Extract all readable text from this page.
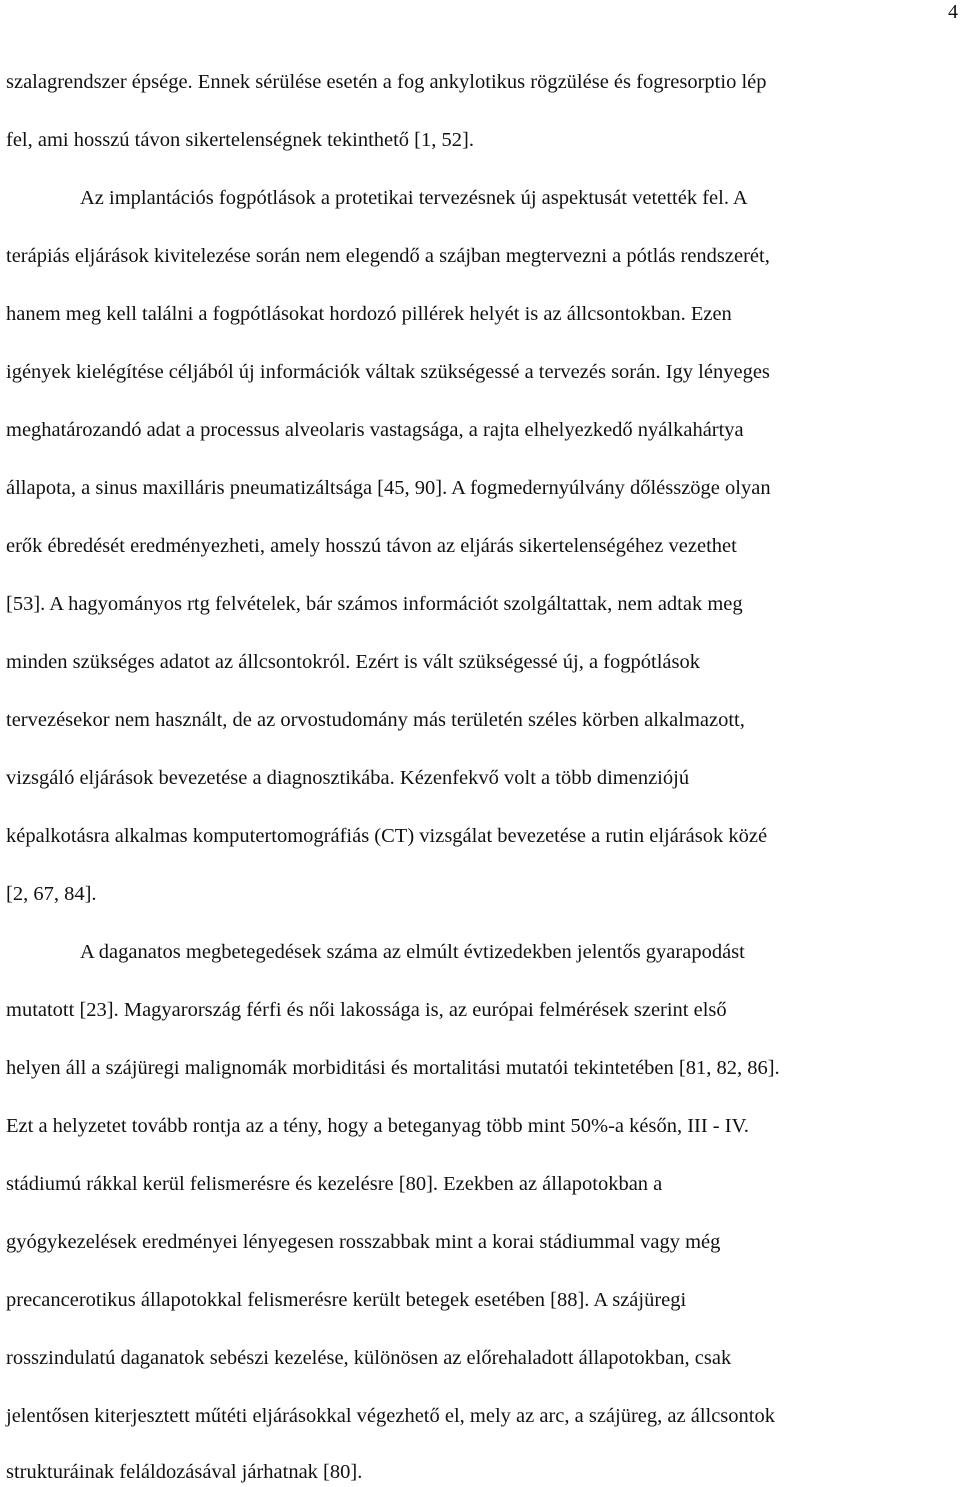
4
szalagrendszer épsége. Ennek sérülése esetén a fog ankylotikus rögzülése és fogresorptio lép
fel, ami hosszú távon sikertelenségnek tekinthető [1, 52].
Az implantációs fogpótlások a protetikai tervezésnek új aspektusát vetették fel. A
terápiás eljárások kivitelezése során nem elegendő a szájban megtervezni a pótlás rendszerét,
hanem meg kell találni a fogpótlásokat hordozó pillérek helyét is az állcsontokban. Ezen
igények kielégítése céljából új információk váltak szükségessé a tervezés során. Igy lényeges
meghatározandó adat a processus alveolaris vastagsága, a rajta elhelyezkedő nyálkahártya
állapota, a sinus maxilláris pneumatizáltsága [45, 90]. A fogmedernyúlvány dőlésszöge olyan
erők ébredését eredményezheti, amely hosszú távon az eljárás sikertelenségéhez vezethet
[53]. A hagyományos rtg felvételek, bár számos információt szolgáltattak, nem adtak meg
minden szükséges adatot az állcsontokról. Ezért is vált szükségessé új, a fogpótlások
tervezésekor nem használt, de az orvostudomány más területén széles körben alkalmazott,
vizsgáló eljárások bevezetése a diagnosztikába. Kézenfekvő volt a több dimenziójú
képalkotásra alkalmas komputertomográfiás (CT) vizsgálat bevezetése a rutin eljárások közé
[2, 67, 84].
A daganatos megbetegedések száma az elmúlt évtizedekben jelentős gyarapodást
mutatott [23]. Magyarország férfi és női lakossága is, az európai felmérések szerint első
helyen áll a szájüregi malignomák morbiditási és mortalitási mutatói tekintetében [81, 82, 86].
Ezt a helyzetet tovább rontja az a tény, hogy a beteganyag több mint 50%-a későn, III - IV.
stádiumú rákkal kerül felismerésre és kezelésre [80]. Ezekben az állapotokban a
gyógykezelések eredményei lényegesen rosszabbak mint a korai stádiummal vagy még
precancerotikus állapotokkal felismerésre került betegek esetében [88]. A szájüregi
rosszindulatú daganatok sebészi kezelése, különösen az előrehaladott állapotokban, csak
jelentősen kiterjesztett műtéti eljárásokkal végezhető el, mely az arc, a szájüreg, az állcsontok
strukturáinak feláldozásával járhatnak [80].
